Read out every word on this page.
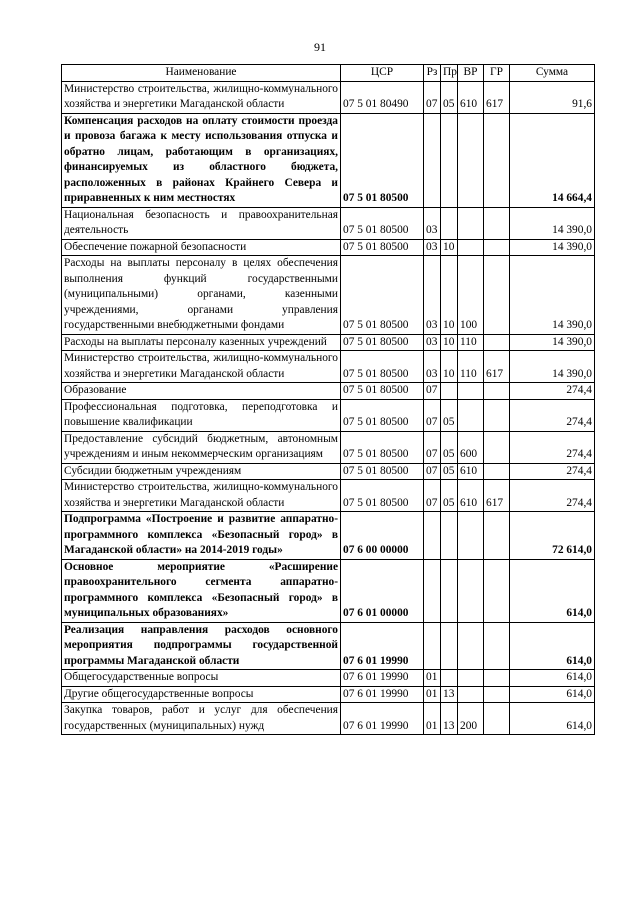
91
Наименование	ЦСР	Рз	Пр	ВР	ГР	Сумма
Министерство строительства, жилищно-коммунального хозяйства и энергетики Магаданской области	07 5 01 80490	07	05	610	617	91,6
Компенсация расходов на оплату стоимости проезда и провоза багажа к месту использования отпуска и обратно лицам, работающим в организациях, финансируемых из областного бюджета, расположенных в районах Крайнего Севера и приравненных к ним местностях	07 5 01 80500					14 664,4
Национальная безопасность и правоохранительная деятельность	07 5 01 80500	03				14 390,0
Обеспечение пожарной безопасности	07 5 01 80500	03	10			14 390,0
Расходы на выплаты персоналу в целях обеспечения выполнения функций государственными (муниципальными) органами, казенными учреждениями, органами управления государственными внебюджетными фондами	07 5 01 80500	03	10	100		14 390,0
Расходы на выплаты персоналу казенных учреждений	07 5 01 80500	03	10	110		14 390,0
Министерство строительства, жилищно-коммунального хозяйства и энергетики Магаданской области	07 5 01 80500	03	10	110	617	14 390,0
Образование	07 5 01 80500	07				274,4
Профессиональная подготовка, переподготовка и повышение квалификации	07 5 01 80500	07	05			274,4
Предоставление субсидий бюджетным, автономным учреждениям и иным некоммерческим организациям	07 5 01 80500	07	05	600		274,4
Субсидии бюджетным учреждениям	07 5 01 80500	07	05	610		274,4
Министерство строительства, жилищно-коммунального хозяйства и энергетики Магаданской области	07 5 01 80500	07	05	610	617	274,4
Подпрограмма «Построение и развитие аппаратно-программного комплекса «Безопасный город» в Магаданской области» на 2014-2019 годы»	07 6 00 00000					72 614,0
Основное мероприятие «Расширение правоохранительного сегмента аппаратно-программного комплекса «Безопасный город» в муниципальных образованиях»	07 6 01 00000					614,0
Реализация направления расходов основного мероприятия подпрограммы государственной программы Магаданской области	07 6 01 19990					614,0
Общегосударственные вопросы	07 6 01 19990	01				614,0
Другие общегосударственные вопросы	07 6 01 19990	01	13			614,0
Закупка товаров, работ и услуг для обеспечения государственных (муниципальных) нужд	07 6 01 19990	01	13	200		614,0
